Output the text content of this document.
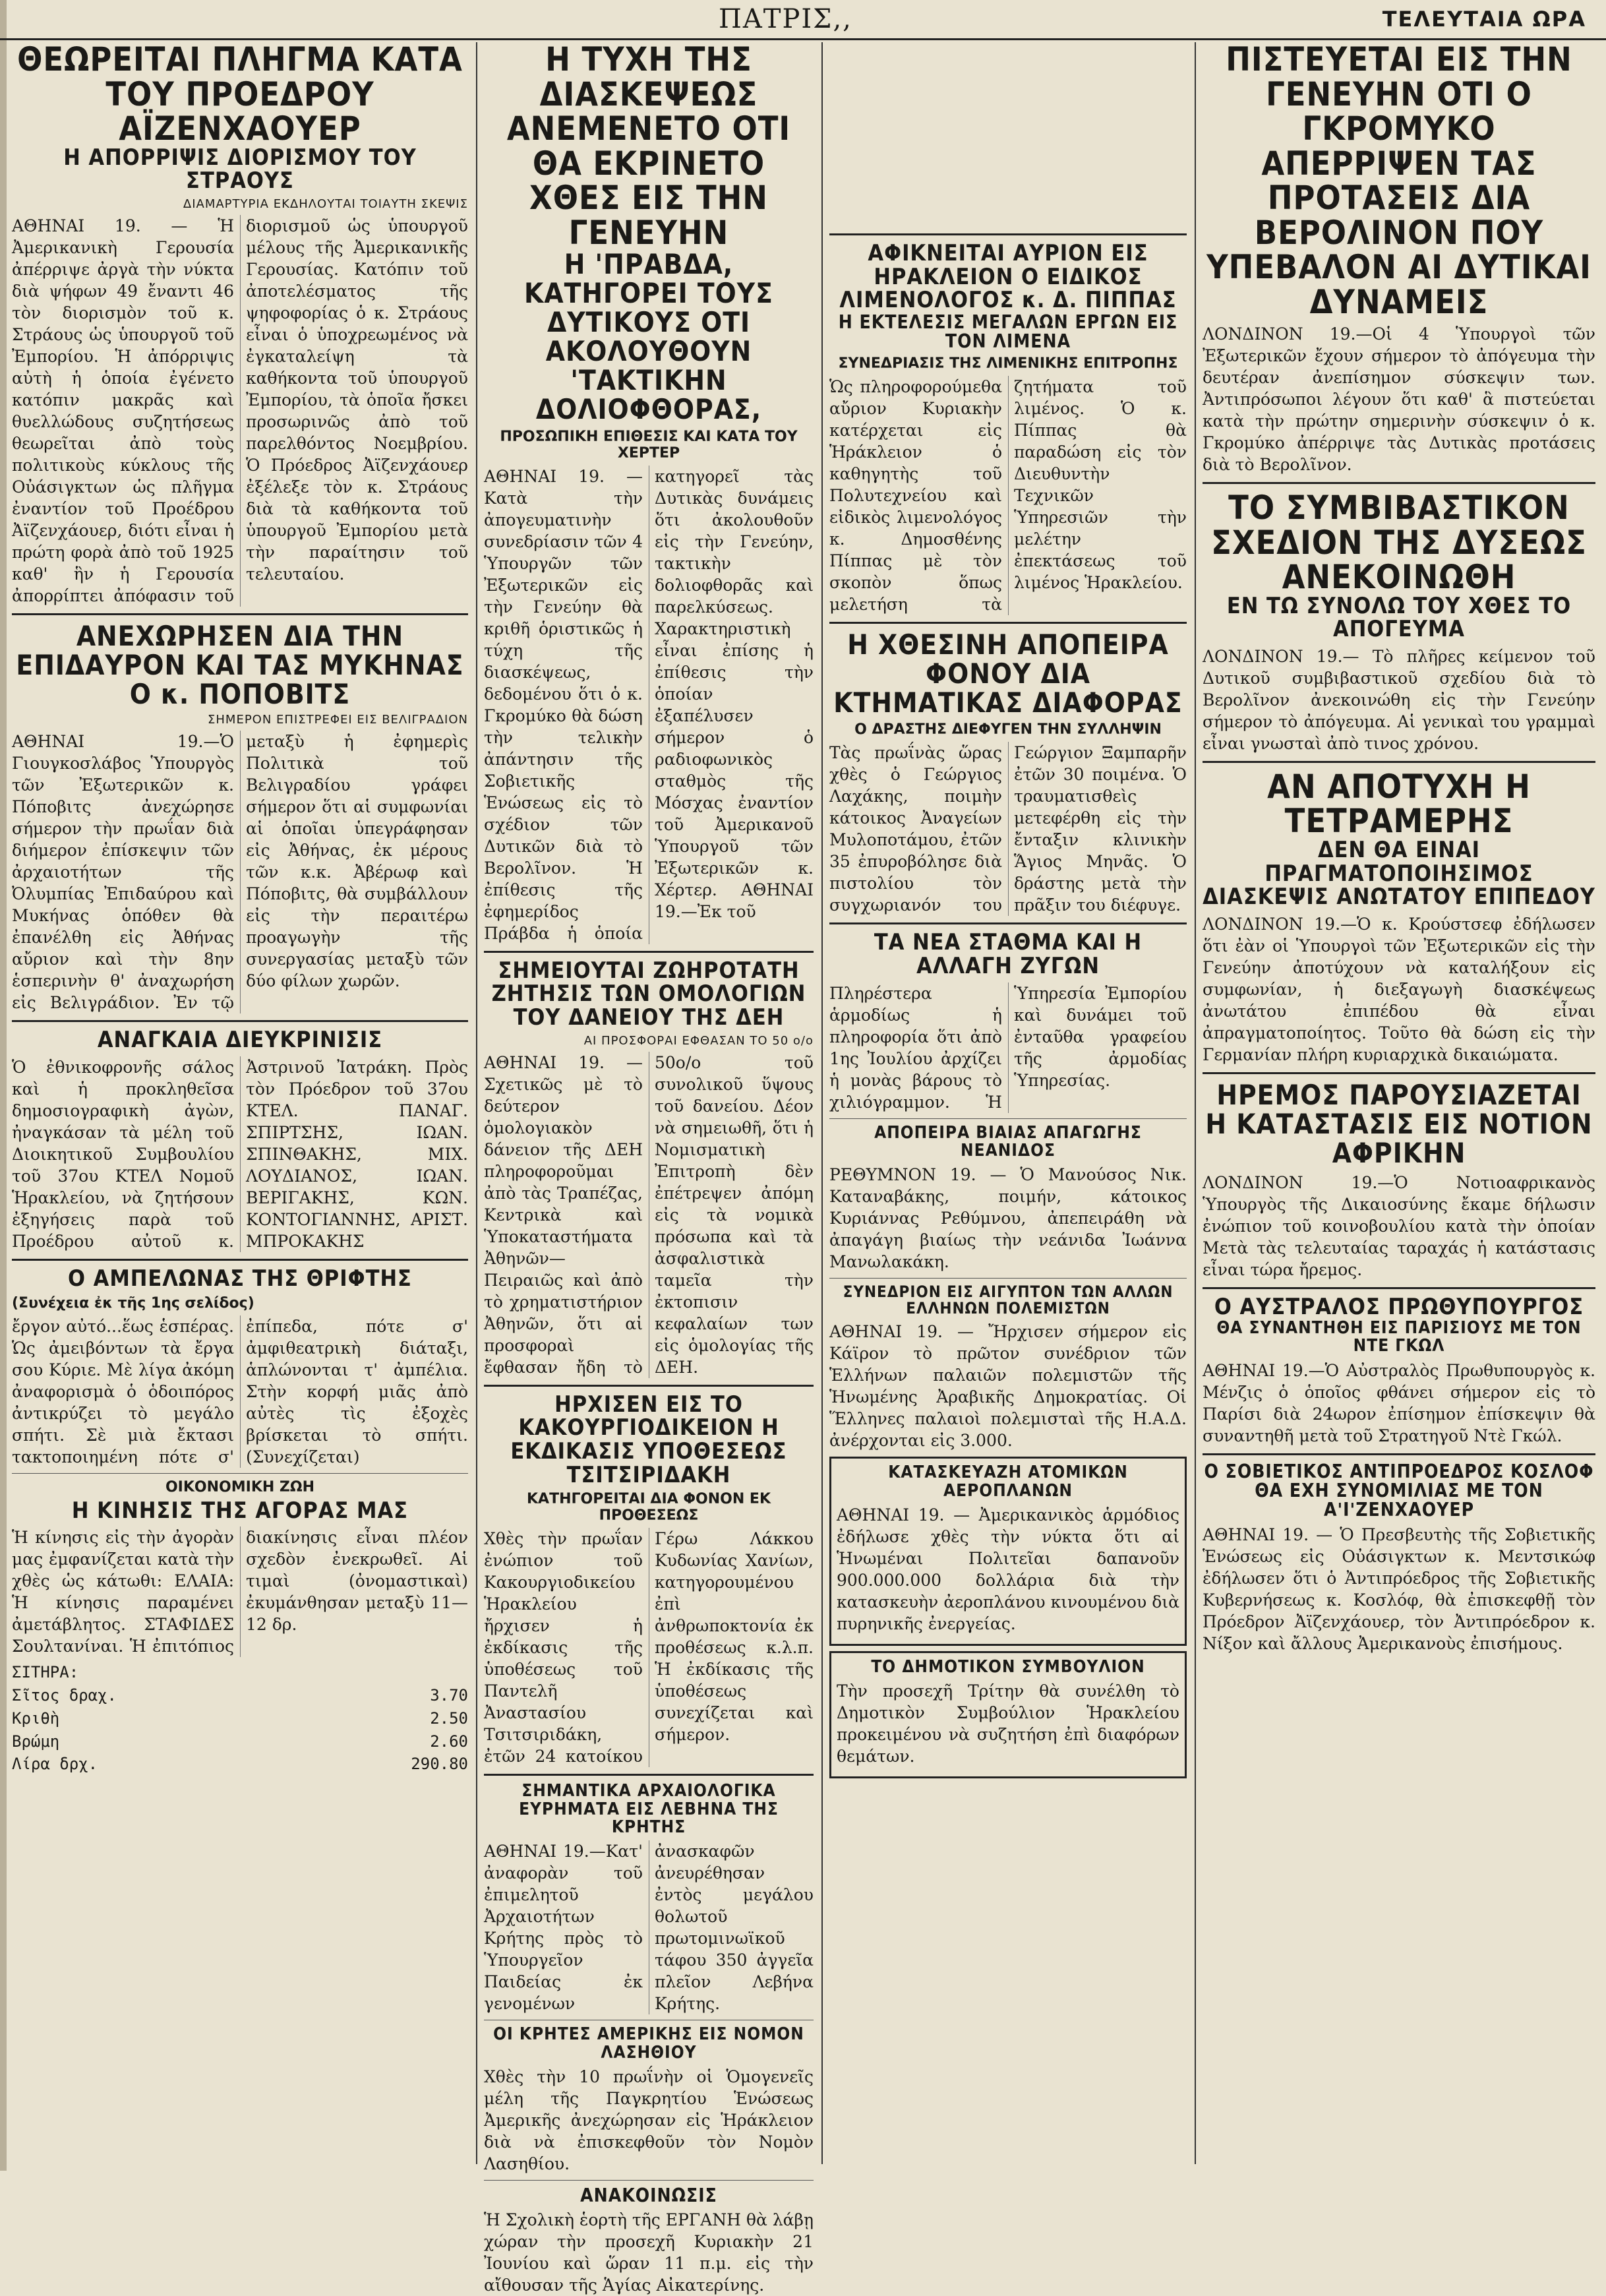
ΠΑΤΡΙΣ,,	ΤΕΛΕΥΤΑΙΑ ΩΡΑ
ΘΕΩΡΕΙΤΑΙ ΠΛΗΓΜΑ ΚΑΤΑ ΤΟΥ ΠΡΟΕΔΡΟΥ ΑΪΖΕΝΧΑΟΥΕΡ
Η ΑΠΟΡΡΙΨΙΣ ΔΙΟΡΙΣΜΟΥ ΤΟΥ ΣΤΡΑΟΥΣ
ΔΙΑΜΑΡΤΥΡΙΑ ΕΚΔΗΛΟΥΤΑΙ ΤΟΙΑΥΤΗ ΣΚΕΨΙΣ
ΑΘΗΝΑΙ 19. — Ἡ Ἀμερικανικὴ Γερουσία ἀπέρριψε ἀργὰ τὴν νύκτα διὰ ψήφων 49 ἔναντι 46 τὸν διορισμὸν τοῦ κ. Στράους ὡς ὑπουργοῦ τοῦ Ἐμπορίου. Ἡ ἀπόρριψις αὐτὴ ἡ ὁποία ἐγένετο κατόπιν μακρᾶς καὶ θυελλώδους συζητήσεως θεωρεῖται ἀπὸ τοὺς πολιτικοὺς κύκλους τῆς Οὐάσιγκτων ὡς πλῆγμα ἐναντίον τοῦ Προέδρου Ἀϊζενχάουερ, διότι εἶναι ἡ πρώτη φορὰ ἀπὸ τοῦ 1925 καθ' ἣν ἡ Γερουσία ἀπορρίπτει ἀπόφασιν τοῦ διορισμοῦ ὡς ὑπουργοῦ μέλους τῆς Ἀμερικανικῆς Γερουσίας. Κατόπιν τοῦ ἀποτελέσματος τῆς ψηφοφορίας ὁ κ. Στράους εἶναι ὁ ὑποχρεωμένος νὰ ἐγκαταλείψη τὰ καθήκοντα τοῦ ὑπουργοῦ Ἐμπορίου, τὰ ὁποῖα ἤσκει προσωρινῶς ἀπὸ τοῦ παρελθόντος Νοεμβρίου. Ὁ Πρόεδρος Ἀϊζενχάουερ ἐξέλεξε τὸν κ. Στράους διὰ τὰ καθήκοντα τοῦ ὑπουργοῦ Ἐμπορίου μετὰ τὴν παραίτησιν τοῦ τελευταίου.
ΑΝΕΧΩΡΗΣΕΝ ΔΙΑ ΤΗΝ ΕΠΙΔΑΥΡΟΝ ΚΑΙ ΤΑΣ ΜΥΚΗΝΑΣ Ο κ. ΠΟΠΟΒΙΤΣ
ΣΗΜΕΡΟΝ ΕΠΙΣΤΡΕΦΕΙ ΕΙΣ ΒΕΛΙΓΡΑΔΙΟΝ
ΑΘΗΝΑΙ 19.—Ὁ Γιουγκοσλάβος Ὑπουργὸς τῶν Ἐξωτερικῶν κ. Πόποβιτς ἀνεχώρησε σήμερον τὴν πρωΐαν διὰ διήμερον ἐπίσκεψιν τῶν ἀρχαιοτήτων τῆς Ὀλυμπίας Ἐπιδαύρου καὶ Μυκήνας ὁπόθεν θὰ ἐπανέλθη εἰς Ἀθήνας αὔριον καὶ τὴν 8ην ἑσπερινὴν θ' ἀναχωρήση εἰς Βελιγράδιον. Ἐν τῷ μεταξὺ ἡ ἐφημερὶς Πολιτικὰ τοῦ Βελιγραδίου γράφει σήμερον ὅτι αἱ συμφωνίαι αἱ ὁποῖαι ὑπεγράφησαν εἰς Ἀθήνας, ἐκ μέρους τῶν κ.κ. Ἀβέρωφ καὶ Πόποβιτς, θὰ συμβάλλουν εἰς τὴν περαιτέρω προαγωγὴν τῆς συνεργασίας μεταξὺ τῶν δύο φίλων χωρῶν.
ΑΝΑΓΚΑΙΑ ΔΙΕΥΚΡΙΝΙΣΙΣ
Ὁ ἐθνικοφρονῆς σάλος καὶ ἡ προκληθεῖσα δημοσιογραφικὴ ἀγὼν, ἠναγκάσαν τὰ μέλη τοῦ Διοικητικοῦ Συμβουλίου τοῦ 37ου ΚΤΕΛ Νομοῦ Ἡρακλείου, νὰ ζητήσουν ἐξηγήσεις παρὰ τοῦ Προέδρου αὐτοῦ κ. Ἀστρινοῦ Ἰατράκη. Πρὸς τὸν Πρόεδρον τοῦ 37ου ΚΤΕΛ. ΠΑΝΑΓ. ΣΠΙΡΤΣΗΣ, ΙΩΑΝ. ΣΠΙΝΘΑΚΗΣ, ΜΙΧ. ΛΟΥΔΙΑΝΟΣ, ΙΩΑΝ. ΒΕΡΙΓΑΚΗΣ, ΚΩΝ. ΚΟΝΤΟΓΙΑΝΝΗΣ, ΑΡΙΣΤ. ΜΠΡΟΚΑΚΗΣ
Ο ΑΜΠΕΛΩΝΑΣ ΤΗΣ ΘΡΙΦΤΗΣ
(Συνέχεια ἐκ τῆς 1ης σελίδος)
ἔργον αὐτό...ἕως ἑσπέρας. Ὡς ἀμειβόντων τὰ ἔργα σου Κύριε. Μὲ λίγα ἀκόμη ἀναφορισμὰ ὁ ὁδοιπόρος ἀντικρύζει τὸ μεγάλο σπήτι. Σὲ μιὰ ἔκτασι τακτοποιημένη πότε σ' ἐπίπεδα, πότε σ' ἀμφιθεατρικὴ διάταξι, ἁπλώνονται τ' ἀμπέλια. Στὴν κορφή μιᾶς ἀπὸ αὐτὲς τὶς ἐξοχὲς βρίσκεται τὸ σπήτι. (Συνεχίζεται)
ΟΙΚΟΝΟΜΙΚΗ ΖΩΗ
Η ΚΙΝΗΣΙΣ ΤΗΣ ΑΓΟΡΑΣ ΜΑΣ
Ἡ κίνησις εἰς τὴν ἀγορὰν μας ἐμφανίζεται κατὰ τὴν χθὲς ὡς κάτωθι: ΕΛΑΙΑ: Ἡ κίνησις παραμένει ἀμετάβλητος. ΣΤΑΦΙΔΕΣ Σουλτανίναι. Ἡ ἐπιτόπιος διακίνησις εἶναι πλέον σχεδὸν ἐνεκρωθεῖ. Αἱ τιμαὶ (ὀνομαστικαὶ) ἐκυμάνθησαν μεταξὺ 11— 12 δρ.
ΣΙΤΗΡΑ:
Σῖτος δραχ.	3.70
Κριθὴ	2.50
Βρώμη	2.60
Λίρα δρχ.	290.80
Η ΤΥΧΗ ΤΗΣ ΔΙΑΣΚΕΨΕΩΣ ΑΝΕΜΕΝΕΤΟ ΟΤΙ ΘΑ ΕΚΡΙΝΕΤΟ ΧΘΕΣ ΕΙΣ ΤΗΝ ΓΕΝΕΥΗΝ
Η 'ΠΡΑΒΔΑ, ΚΑΤΗΓΟΡΕΙ ΤΟΥΣ ΔΥΤΙΚΟΥΣ ΟΤΙ ΑΚΟΛΟΥΘΟΥΝ 'ΤΑΚΤΙΚΗΝ ΔΟΛΙΟΦΘΟΡΑΣ,
ΠΡΟΣΩΠΙΚΗ ΕΠΙΘΕΣΙΣ ΚΑΙ ΚΑΤΑ ΤΟΥ ΧΕΡΤΕΡ
ΑΘΗΝΑΙ 19. —Κατὰ τὴν ἀπογευματινὴν συνεδρίασιν τῶν 4 Ὑπουργῶν τῶν Ἐξωτερικῶν εἰς τὴν Γενεύην θὰ κριθῆ ὁριστικῶς ἡ τύχη τῆς διασκέψεως, δεδομένου ὅτι ὁ κ. Γκρομύκο θὰ δώση τὴν τελικὴν ἀπάντησιν τῆς Σοβιετικῆς Ἑνώσεως εἰς τὸ σχέδιον τῶν Δυτικῶν διὰ τὸ Βερολῖνον. Ἡ ἐπίθεσις τῆς ἐφημερίδος Πράβδα ἡ ὁποία κατηγορεῖ τὰς Δυτικὰς δυνάμεις ὅτι ἀκολουθοῦν εἰς τὴν Γενεύην, τακτικὴν δολιοφθορᾶς καὶ παρελκύσεως. Χαρακτηριστικὴ εἶναι ἐπίσης ἡ ἐπίθεσις τὴν ὁποίαν ἐξαπέλυσεν σήμερον ὁ ραδιοφωνικὸς σταθμὸς τῆς Μόσχας ἐναντίον τοῦ Ἀμερικανοῦ Ὑπουργοῦ τῶν Ἐξωτερικῶν κ. Χέρτερ. ΑΘΗΝΑΙ 19.—Ἐκ τοῦ
ΣΗΜΕΙΟΥΤΑΙ ΖΩΗΡΟΤΑΤΗ ΖΗΤΗΣΙΣ ΤΩΝ ΟΜΟΛΟΓΙΩΝ ΤΟΥ ΔΑΝΕΙΟΥ ΤΗΣ ΔΕΗ
ΑΙ ΠΡΟΣΦΟΡΑΙ ΕΦΘΑΣΑΝ ΤΟ 50 ο/ο
ΑΘΗΝΑΙ 19. — Σχετικῶς μὲ τὸ δεύτερον ὁμολογιακὸν δάνειον τῆς ΔΕΗ πληροφοροῦμαι ἀπὸ τὰς Τραπέζας, Κεντρικὰ καὶ Ὑποκαταστήματα Ἀθηνῶν—Πειραιῶς καὶ ἀπὸ τὸ χρηματιστήριον Ἀθηνῶν, ὅτι αἱ προσφοραὶ ἔφθασαν ἤδη τὸ 50ο/ο τοῦ συνολικοῦ ὕψους τοῦ δανείου. Δέον νὰ σημειωθῆ, ὅτι ἡ Νομισματικὴ Ἐπιτροπὴ δὲν ἐπέτρεψεν ἀπόμη εἰς τὰ νομικὰ πρόσωπα καὶ τὰ ἀσφαλιστικὰ ταμεῖα τὴν ἐκτοπισιν κεφαλαίων των εἰς ὁμολογίας τῆς ΔΕΗ.
ΗΡΧΙΣΕΝ ΕΙΣ ΤΟ ΚΑΚΟΥΡΓΙΟΔΙΚΕΙΟΝ Η ΕΚΔΙΚΑΣΙΣ ΥΠΟΘΕΣΕΩΣ ΤΣΙΤΣΙΡΙΔΑΚΗ
ΚΑΤΗΓΟΡΕΙΤΑΙ ΔΙΑ ΦΟΝΟΝ ΕΚ ΠΡΟΘΕΣΕΩΣ
Χθὲς τὴν πρωΐαν ἐνώπιον τοῦ Κακουργιοδικείου Ἡρακλείου ἤρχισεν ἡ ἐκδίκασις τῆς ὑποθέσεως τοῦ Παντελῆ Ἀναστασίου Τσιτσιριδάκη, ἐτῶν 24 κατοίκου Γέρω Λάκκου Κυδωνίας Χανίων, κατηγορουμένου ἐπὶ ἀνθρωποκτονία ἐκ προθέσεως κ.λ.π. Ἡ ἐκδίκασις τῆς ὑποθέσεως συνεχίζεται καὶ σήμερον.
ΣΗΜΑΝΤΙΚΑ ΑΡΧΑΙΟΛΟΓΙΚΑ ΕΥΡΗΜΑΤΑ ΕΙΣ ΛΕΒΗΝΑ ΤΗΣ ΚΡΗΤΗΣ
ΑΘΗΝΑΙ 19.—Κατ' ἀναφορὰν τοῦ ἐπιμελητοῦ Ἀρχαιοτήτων Κρήτης πρὸς τὸ Ὑπουργεῖον Παιδείας ἐκ γενομένων ἀνασκαφῶν ἀνευρέθησαν ἐντὸς μεγάλου θολωτοῦ πρωτομινωϊκοῦ τάφου 350 ἀγγεῖα πλεῖον Λεβήνα Κρήτης.
ΟΙ ΚΡΗΤΕΣ ΑΜΕΡΙΚΗΣ ΕΙΣ ΝΟΜΟΝ ΛΑΣΗΘΙΟΥ
Χθὲς τὴν 10 πρωΐνὴν οἱ Ὁμογενεῖς μέλη τῆς Παγκρητίου Ἑνώσεως Ἀμερικῆς ἀνεχώρησαν εἰς Ἡράκλειον διὰ νὰ ἐπισκεφθοῦν τὸν Νομὸν Λασηθίου.
ΑΝΑΚΟΙΝΩΣΙΣ
Ἡ Σχολικὴ ἑορτὴ τῆς ΕΡΓΑΝΗ θὰ λάβῃ χώραν τὴν προσεχῆ Κυριακὴν 21 Ἰουνίου καὶ ὥραν 11 π.μ. εἰς τὴν αἴθουσαν τῆς Ἁγίας Αἰκατερίνης.
ΑΦΙΚΝΕΙΤΑΙ ΑΥΡΙΟΝ ΕΙΣ ΗΡΑΚΛΕΙΟΝ Ο ΕΙΔΙΚΟΣ ΛΙΜΕΝΟΛΟΓΟΣ κ. Δ. ΠΙΠΠΑΣ
Η ΕΚΤΕΛΕΣΙΣ ΜΕΓΑΛΩΝ ΕΡΓΩΝ ΕΙΣ ΤΟΝ ΛΙΜΕΝΑ
ΣΥΝΕΔΡΙΑΣΙΣ ΤΗΣ ΛΙΜΕΝΙΚΗΣ ΕΠΙΤΡΟΠΗΣ
Ὡς πληροφορούμεθα αὔριον Κυριακὴν κατέρχεται εἰς Ἡράκλειον ὁ καθηγητὴς τοῦ Πολυτεχνείου καὶ εἰδικὸς λιμενολόγος κ. Δημοσθένης Πίππας μὲ τὸν σκοπὸν ὅπως μελετήση τὰ ζητήματα τοῦ λιμένος. Ὁ κ. Πίππας θὰ παραδώση εἰς τὸν Διευθυντὴν Τεχνικῶν Ὑπηρεσιῶν τὴν μελέτην ἐπεκτάσεως τοῦ λιμένος Ἡρακλείου.
Η ΧΘΕΣΙΝΗ ΑΠΟΠΕΙΡΑ ΦΟΝΟΥ ΔΙΑ ΚΤΗΜΑΤΙΚΑΣ ΔΙΑΦΟΡΑΣ
Ο ΔΡΑΣΤΗΣ ΔΙΕΦΥΓΕΝ ΤΗΝ ΣΥΛΛΗΨΙΝ
Τὰς πρωΐνὰς ὥρας χθὲς ὁ Γεώργιος Λαχάκης, ποιμὴν κάτοικος Ἀναγείων Μυλοποτάμου, ἐτῶν 35 ἐπυροβόλησε διὰ πιστολίου τὸν συγχωριανόν του Γεώργιον Ξαμπαρῆν ἐτῶν 30 ποιμένα. Ὁ τραυματισθεὶς μετεφέρθη εἰς τὴν ἔνταξιν κλινικὴν Ἅγιος Μηνᾶς. Ὁ δράστης μετὰ τὴν πρᾶξιν του διέφυγε.
ΤΑ ΝΕΑ ΣΤΑΘΜΑ ΚΑΙ Η ΑΛΛΑΓΗ ΖΥΓΩΝ
Πληρέστερα ἁρμοδίως ἡ πληροφορία ὅτι ἀπὸ 1ης Ἰουλίου ἀρχίζει ἡ μονὰς βάρους τὸ χιλιόγραμμον. Ἡ Ὑπηρεσία Ἐμπορίου καὶ δυνάμει τοῦ ἐνταῦθα γραφείου τῆς ἀρμοδίας Ὑπηρεσίας.
ΑΠΟΠΕΙΡΑ ΒΙΑΙΑΣ ΑΠΑΓΩΓΗΣ ΝΕΑΝΙΔΟΣ
ΡΕΘΥΜΝΟΝ 19. — Ὁ Μανούσος Νικ. Καταναβάκης, ποιμήν, κάτοικος Κυριάννας Ρεθύμνου, ἀπεπειράθη νὰ ἀπαγάγη βιαίως τὴν νεάνιδα Ἰωάννα Μανωλακάκη.
ΣΥΝΕΔΡΙΟΝ ΕΙΣ ΑΙΓΥΠΤΟΝ ΤΩΝ ΑΛΛΩΝ ΕΛΛΗΝΩΝ ΠΟΛΕΜΙΣΤΩΝ
ΑΘΗΝΑΙ 19. — Ἤρχισεν σήμερον εἰς Κάϊρον τὸ πρῶτον συνέδριον τῶν Ἑλλήνων παλαιῶν πολεμιστῶν τῆς Ἡνωμένης Ἀραβικῆς Δημοκρατίας. Οἱ Ἕλληνες παλαιοὶ πολεμισταὶ τῆς Η.Α.Δ. ἀνέρχονται εἰς 3.000.
ΚΑΤΑΣΚΕΥΑΖΗ ΑΤΟΜΙΚΩΝ ΑΕΡΟΠΛΑΝΩΝ
ΑΘΗΝΑΙ 19. — Ἀμερικανικὸς ἁρμόδιος ἐδήλωσε χθὲς τὴν νύκτα ὅτι αἱ Ἡνωμέναι Πολιτεῖαι δαπανοῦν 900.000.000 δολλάρια διὰ τὴν κατασκευὴν ἀεροπλάνου κινουμένου διὰ πυρηνικῆς ἐνεργείας.
ΤΟ ΔΗΜΟΤΙΚΟΝ ΣΥΜΒΟΥΛΙΟΝ
Τὴν προσεχῆ Τρίτην θὰ συνέλθη τὸ Δημοτικὸν Συμβούλιον Ἡρακλείου προκειμένου νὰ συζητήση ἐπὶ διαφόρων θεμάτων.
ΠΙΣΤΕΥΕΤΑΙ ΕΙΣ ΤΗΝ ΓΕΝΕΥΗΝ ΟΤΙ Ο ΓΚΡΟΜΥΚΟ ΑΠΕΡΡΙΨΕΝ ΤΑΣ ΠΡΟΤΑΣΕΙΣ ΔΙΑ ΒΕΡΟΛΙΝΟΝ ΠΟΥ ΥΠΕΒΑΛΟΝ ΑΙ ΔΥΤΙΚΑΙ ΔΥΝΑΜΕΙΣ
ΛΟΝΔΙΝΟΝ 19.—Οἱ 4 Ὑπουργοὶ τῶν Ἐξωτερικῶν ἔχουν σήμερον τὸ ἀπόγευμα τὴν δευτέραν ἀνεπίσημον σύσκεψιν των. Ἀντιπρόσωποι λέγουν ὅτι καθ' ἃ πιστεύεται κατὰ τὴν πρώτην σημερινὴν σύσκεψιν ὁ κ. Γκρομύκο ἀπέρριψε τὰς Δυτικὰς προτάσεις διὰ τὸ Βερολῖνον.
ΤΟ ΣΥΜΒΙΒΑΣΤΙΚΟΝ ΣΧΕΔΙΟΝ ΤΗΣ ΔΥΣΕΩΣ ΑΝΕΚΟΙΝΩΘΗ
ΕΝ ΤΩ ΣΥΝΟΛΩ ΤΟΥ ΧΘΕΣ ΤΟ ΑΠΟΓΕΥΜΑ
ΛΟΝΔΙΝΟΝ 19.— Τὸ πλῆρες κείμενον τοῦ Δυτικοῦ συμβιβαστικοῦ σχεδίου διὰ τὸ Βερολῖνον ἀνεκοινώθη εἰς τὴν Γενεύην σήμερον τὸ ἀπόγευμα. Αἱ γενικαὶ του γραμμαὶ εἶναι γνωσταὶ ἀπὸ τινος χρόνου.
ΑΝ ΑΠΟΤΥΧΗ Η ΤΕΤΡΑΜΕΡΗΣ
ΔΕΝ ΘΑ ΕΙΝΑΙ ΠΡΑΓΜΑΤΟΠΟΙΗΣΙΜΟΣ ΔΙΑΣΚΕΨΙΣ ΑΝΩΤΑΤΟΥ ΕΠΙΠΕΔΟΥ
ΛΟΝΔΙΝΟΝ 19.—Ὁ κ. Κρούστσεφ ἐδήλωσεν ὅτι ἐὰν οἱ Ὑπουργοὶ τῶν Ἐξωτερικῶν εἰς τὴν Γενεύην ἀποτύχουν νὰ καταλήξουν εἰς συμφωνίαν, ἡ διεξαγωγὴ διασκέψεως ἀνωτάτου ἐπιπέδου θὰ εἶναι ἀπραγματοποίητος. Τοῦτο θὰ δώση εἰς τὴν Γερμανίαν πλήρη κυριαρχικὰ δικαιώματα.
ΗΡΕΜΟΣ ΠΑΡΟΥΣΙΑΖΕΤΑΙ Η ΚΑΤΑΣΤΑΣΙΣ ΕΙΣ ΝΟΤΙΟΝ ΑΦΡΙΚΗΝ
ΛΟΝΔΙΝΟΝ 19.—Ὁ Νοτιοαφρικανὸς Ὑπουργὸς τῆς Δικαιοσύνης ἔκαμε δήλωσιν ἐνώπιον τοῦ κοινοβουλίου κατὰ τὴν ὁποίαν Μετὰ τὰς τελευταίας ταραχάς ἡ κατάστασις εἶναι τώρα ἤρεμος.
Ο ΑΥΣΤΡΑΛΟΣ ΠΡΩΘΥΠΟΥΡΓΟΣ
ΘΑ ΣΥΝΑΝΤΗΘΗ ΕΙΣ ΠΑΡΙΣΙΟΥΣ ΜΕ ΤΟΝ ΝΤΕ ΓΚΩΛ
ΑΘΗΝΑΙ 19.—Ὁ Αὐστραλὸς Πρωθυπουργὸς κ. Μένζις ὁ ὁποῖος φθάνει σήμερον εἰς τὸ Παρίσι διὰ 24ωρον ἐπίσημον ἐπίσκεψιν θὰ συναντηθῆ μετὰ τοῦ Στρατηγοῦ Ντὲ Γκώλ.
Ο ΣΟΒΙΕΤΙΚΟΣ ΑΝΤΙΠΡΟΕΔΡΟΣ ΚΟΣΛΟΦ ΘΑ ΕΧΗ ΣΥΝΟΜΙΛΙΑΣ ΜΕ ΤΟΝ Α'Ι'ΖΕΝΧΑΟΥΕΡ
ΑΘΗΝΑΙ 19. — Ὁ Πρεσβευτὴς τῆς Σοβιετικῆς Ἑνώσεως εἰς Οὐάσιγκτων κ. Μεντσικώφ ἐδήλωσεν ὅτι ὁ Ἀντιπρόεδρος τῆς Σοβιετικῆς Κυβερνήσεως κ. Κοσλόφ, θὰ ἐπισκεφθῇ τὸν Πρόεδρον Ἀϊζενχάουερ, τὸν Ἀντιπρόεδρον κ. Νίξον καὶ ἄλλους Ἀμερικανοὺς ἐπισήμους.
